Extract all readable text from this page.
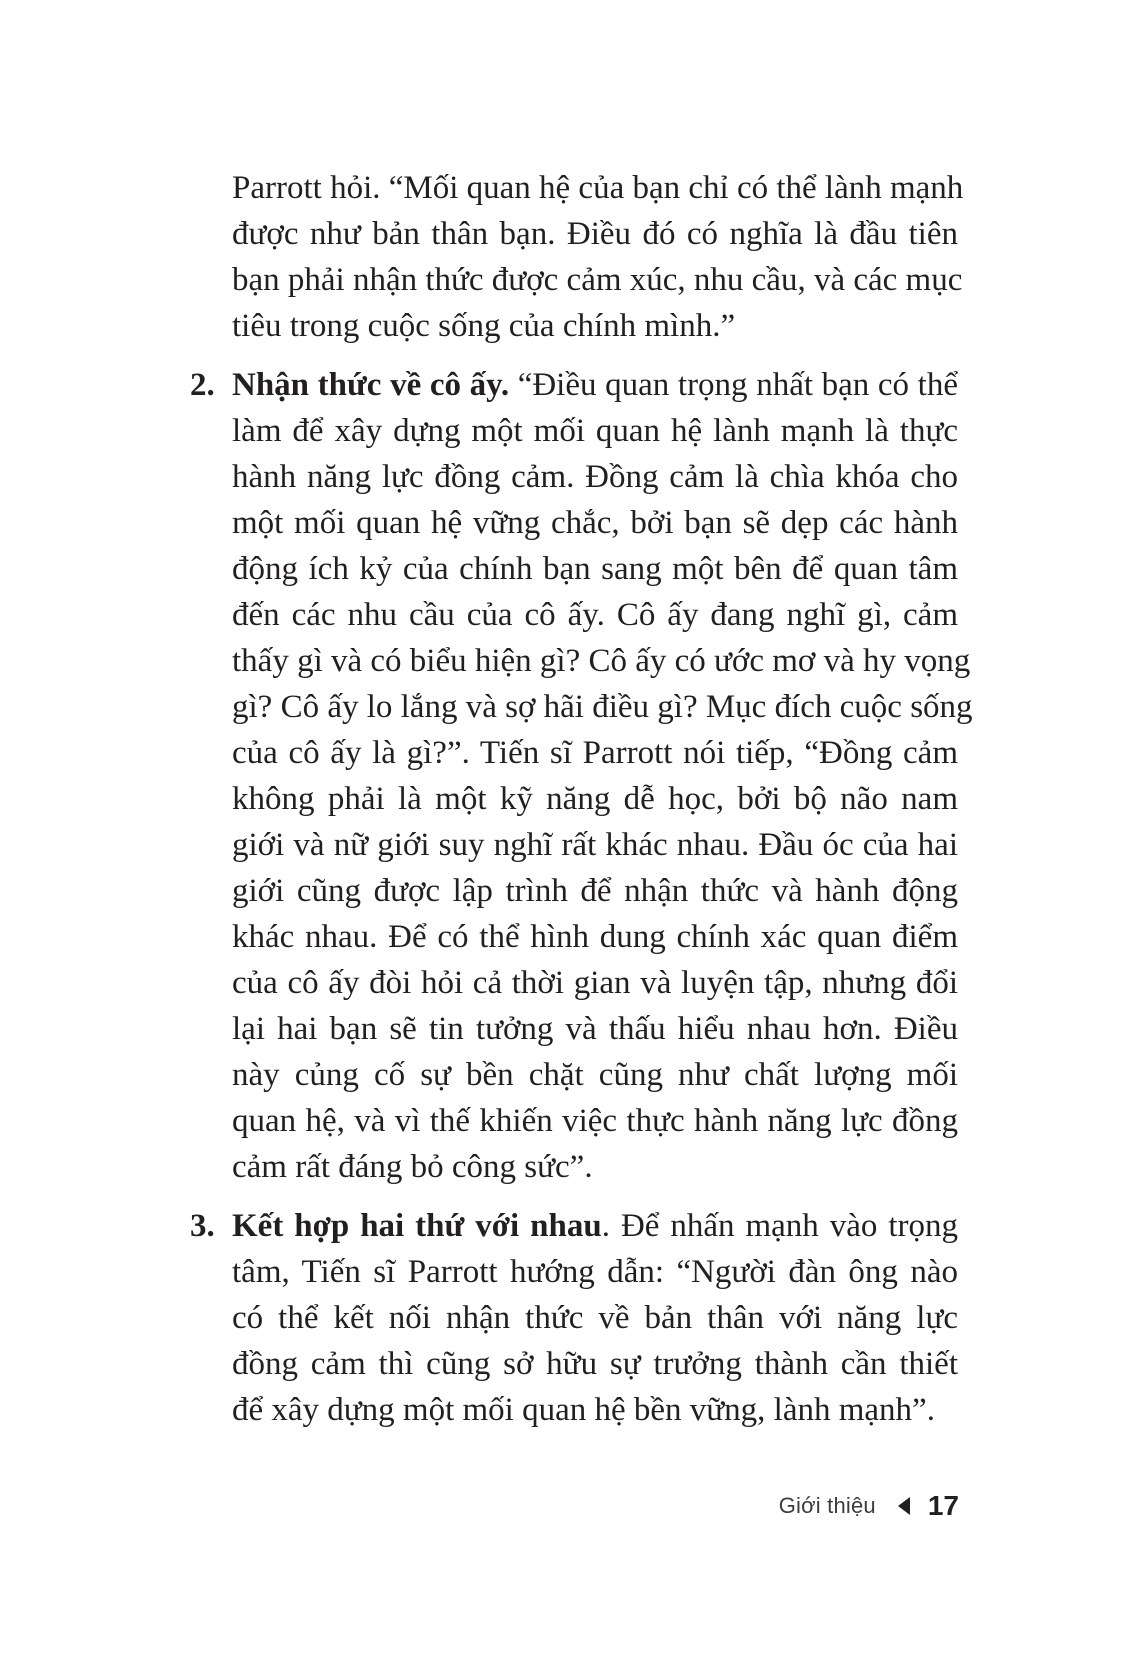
Parrott hỏi. “Mối quan hệ của bạn chỉ có thể lành mạnh
được như bản thân bạn. Điều đó có nghĩa là đầu tiên
bạn phải nhận thức được cảm xúc, nhu cầu, và các mục
tiêu trong cuộc sống của chính mình.”
2. Nhận thức về cô ấy. “Điều quan trọng nhất bạn có thể
làm để xây dựng một mối quan hệ lành mạnh là thực
hành năng lực đồng cảm. Đồng cảm là chìa khóa cho
một mối quan hệ vững chắc, bởi bạn sẽ dẹp các hành
động ích kỷ của chính bạn sang một bên để quan tâm
đến các nhu cầu của cô ấy. Cô ấy đang nghĩ gì, cảm
thấy gì và có biểu hiện gì? Cô ấy có ước mơ và hy vọng
gì? Cô ấy lo lắng và sợ hãi điều gì? Mục đích cuộc sống
của cô ấy là gì?”. Tiến sĩ Parrott nói tiếp, “Đồng cảm
không phải là một kỹ năng dễ học, bởi bộ não nam
giới và nữ giới suy nghĩ rất khác nhau. Đầu óc của hai
giới cũng được lập trình để nhận thức và hành động
khác nhau. Để có thể hình dung chính xác quan điểm
của cô ấy đòi hỏi cả thời gian và luyện tập, nhưng đổi
lại hai bạn sẽ tin tưởng và thấu hiểu nhau hơn. Điều
này củng cố sự bền chặt cũng như chất lượng mối
quan hệ, và vì thế khiến việc thực hành năng lực đồng
cảm rất đáng bỏ công sức”.
3. Kết hợp hai thứ với nhau. Để nhấn mạnh vào trọng
tâm, Tiến sĩ Parrott hướng dẫn: “Người đàn ông nào
có thể kết nối nhận thức về bản thân với năng lực
đồng cảm thì cũng sở hữu sự trưởng thành cần thiết
để xây dựng một mối quan hệ bền vững, lành mạnh”.
Giới thiệu 17
